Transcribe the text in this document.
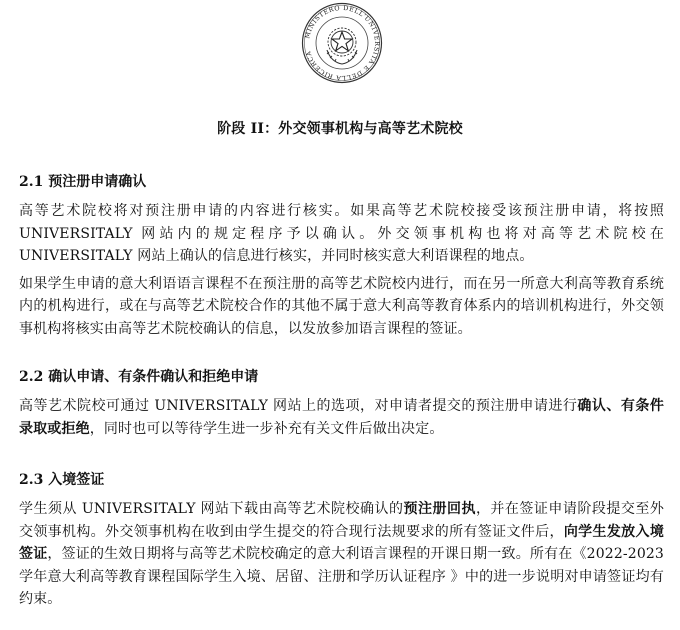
MINISTERO DELL'UNIVERSITÀ E DELLA RICERCA
阶段 II：外交领事机构与高等艺术院校
2.1 预注册申请确认

高等艺术院校将对预注册申请的内容进行核实。如果高等艺术院校接受该预注册申请，将按照 UNIVERSITALY 网站内的规定程序予以确认。外交领事机构也将对高等艺术院校在 UNIVERSITALY 网站上确认的信息进行核实，并同时核实意大利语课程的地点。

如果学生申请的意大利语语言课程不在预注册的高等艺术院校内进行，而在另一所意大利高等教育系统内的机构进行，或在与高等艺术院校合作的其他不属于意大利高等教育体系内的培训机构进行，外交领事机构将核实由高等艺术院校确认的信息，以发放参加语言课程的签证。

2.2 确认申请、有条件确认和拒绝申请

高等艺术院校可通过 UNIVERSITALY 网站上的选项，对申请者提交的预注册申请进行确认、有条件录取或拒绝，同时也可以等待学生进一步补充有关文件后做出决定。

2.3 入境签证

学生须从 UNIVERSITALY 网站下载由高等艺术院校确认的预注册回执，并在签证申请阶段提交至外交领事机构。外交领事机构在收到由学生提交的符合现行法规要求的所有签证文件后，向学生发放入境签证，签证的生效日期将与高等艺术院校确定的意大利语言课程的开课日期一致。所有在《2022-2023 学年意大利高等教育课程国际学生入境、居留、注册和学历认证程序 》中的进一步说明对申请签证均有约束。
